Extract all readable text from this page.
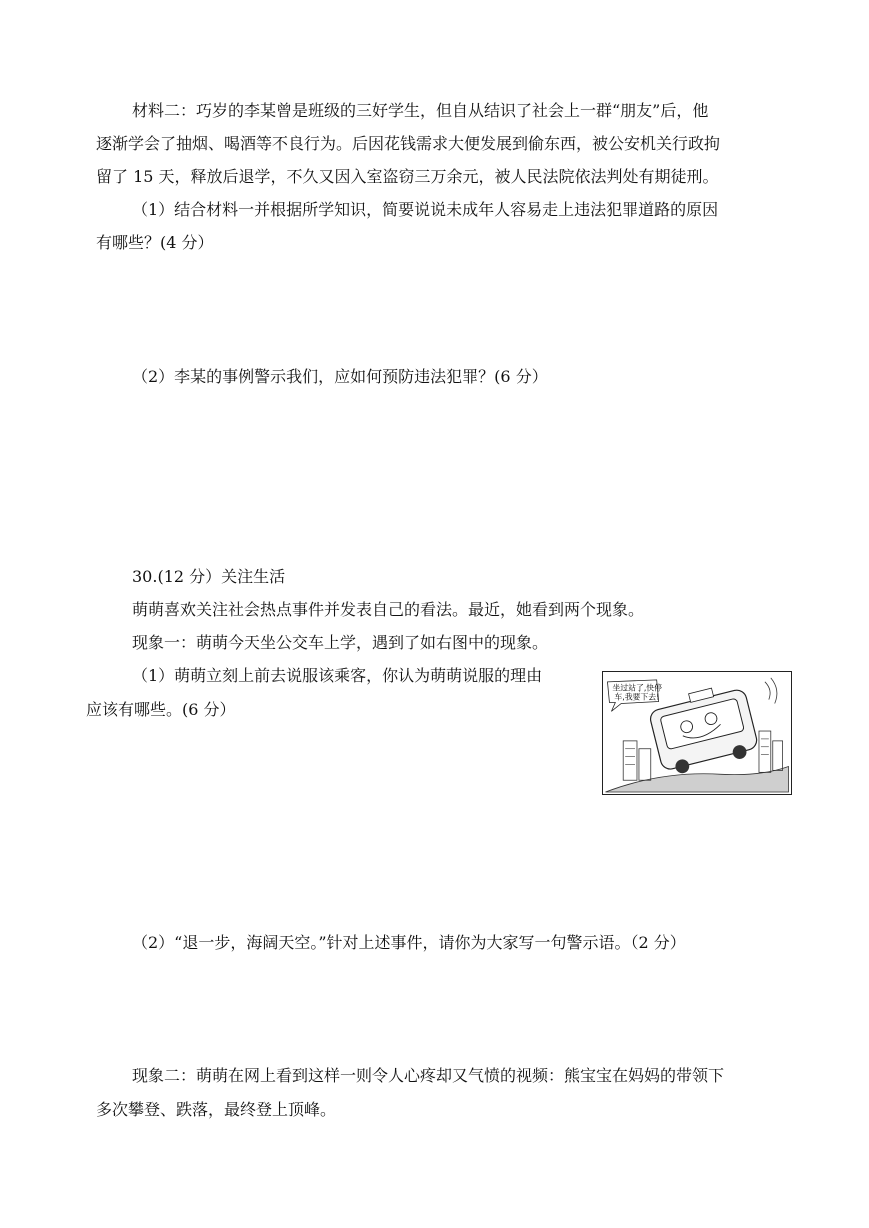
材料二：巧岁的李某曾是班级的三好学生，但自从结识了社会上一群“朋友”后，他
逐渐学会了抽烟、喝酒等不良行为。后因花钱需求大便发展到偷东西，被公安机关行政拘
留了 15 天，释放后退学，不久又因入室盗窃三万余元，被人民法院依法判处有期徒刑。
（1）结合材料一并根据所学知识，简要说说未成年人容易走上违法犯罪道路的原因
有哪些？(4 分）
（2）李某的事例警示我们，应如何预防违法犯罪？(6 分）
30.(12 分）关注生活
萌萌喜欢关注社会热点事件并发表自己的看法。最近，她看到两个现象。
现象一：萌萌今天坐公交车上学，遇到了如右图中的现象。
（1）萌萌立刻上前去说服该乘客，你认为萌萌说服的理由
应该有哪些。(6 分）
坐过站了,快停
车,我要下去!
（2）“退一步，海阔天空。”针对上述事件，请你为大家写一句警示语。（2 分）
现象二：萌萌在网上看到这样一则令人心疼却又气愤的视频：熊宝宝在妈妈的带领下
多次攀登、跌落，最终登上顶峰。
